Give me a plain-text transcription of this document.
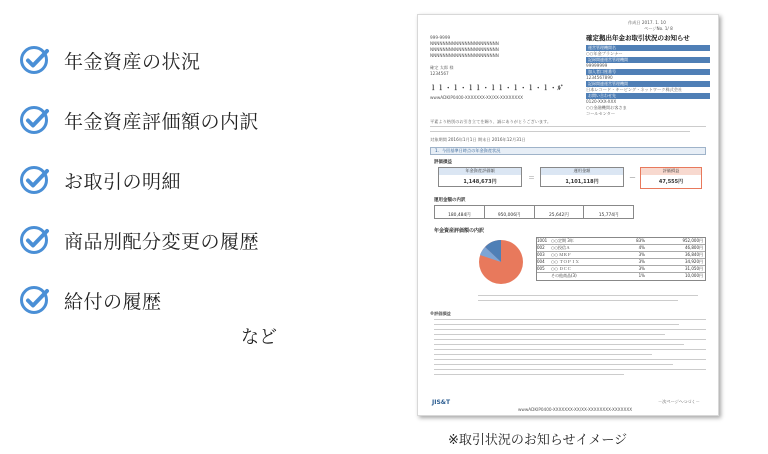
年金資産の状況
年金資産評価額の内訳
お取引の明細
商品別配分変更の履歴
給付の履歴
など
作成日 2017. 1. 10
ページNo. 1/ 8
999-9999
NNNNNNNNNNNNNNNNNNNNNN
NNNNNNNNNNNNNNNNNNNNNN
NNNNNNNNNNNNNNNNNNNNNN
確定 太郎 様
1234567
ｌｌ・ｌ・ｌｌ・ｌｌ・ｌ・ｌ・ｌ・ﾙﾞ
wwwADKIP0400-XXXXXXX-XX/XX-XXXXXXXX
確定拠出年金お取引状況のお知らせ
運営管理機関名
○○年金プランナー
記録関連運営管理機関
99999999
加入者口座番号
1234567890
記録関連運営管理機関
日本レコード・キーピング・ネットワーク株式会社
お問い合わせ先
0120-XXX-XXX
○○金融機関お客さま
コールセンター
平素より格別のお引き立てを賜り、誠にありがとうございます。
対象期間 2016年1月1日 期末日 2016年12月31日
1．今回基準日時点の年金資産状況
評価損益
年金資産評価額
1,148,673円	＝
運用金額
1,101,118円	－
評価損益
47,555円
運用金額の内訳
180,484円	950,006円	25,642円	15,774円
年金資産評価額の内訳
1001 ○○定期 3年	83%	952,000円
002	○○投信Ａ	4%	46,800円
003	○○ ＭＲＦ	3%	36,840円
004	○○ ＴＯＰＩＸ	3%	34,920円
005	○○ ＤＣＣ	3%	31,050円
その他商品(3)	1%	10,000円
※評価損益
JIS&T
wwwADKIP0400-XXXXXXX-XX/XX-XXXXXXXX-XXXXXXX
－次ページへつづく－
※取引状況のお知らせイメージ
